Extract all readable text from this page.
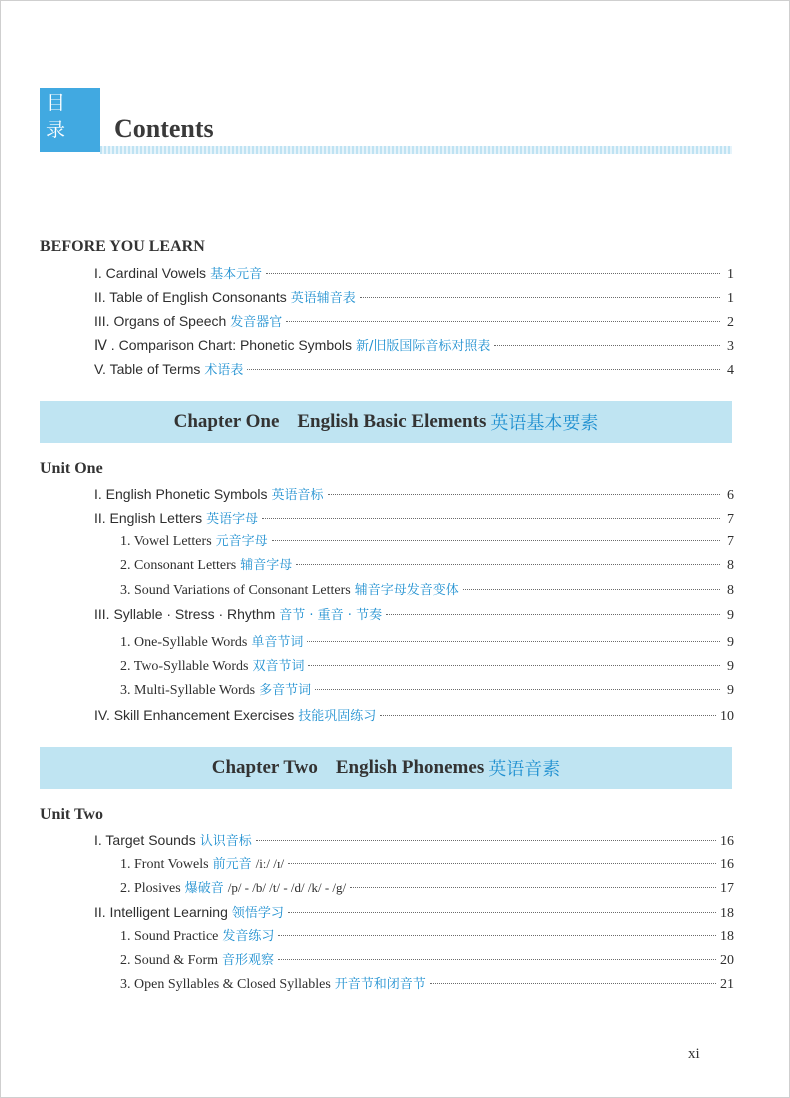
目 录	Contents
BEFORE YOU LEARN
I. Cardinal Vowels 基本元音	1
II. Table of English Consonants 英语辅音表	1
III. Organs of Speech 发音器官	2
Ⅳ . Comparison Chart: Phonetic Symbols 新/旧版国际音标对照表	3
V. Table of Terms 术语表	4
Chapter One English Basic Elements 英语基本要素
Unit One
I. English Phonetic Symbols 英语音标	6
II. English Letters 英语字母	7
1. Vowel Letters 元音字母	7
2. Consonant Letters 辅音字母	8
3. Sound Variations of Consonant Letters 辅音字母发音变体	8
III. Syllable · Stress · Rhythm 音节 · 重音 · 节奏	9
1. One-Syllable Words 单音节词	9
2. Two-Syllable Words 双音节词	9
3. Multi-Syllable Words 多音节词	9
IV. Skill Enhancement Exercises 技能巩固练习	10
Chapter Two English Phonemes 英语音素
Unit Two
I. Target Sounds 认识音标	16
1. Front Vowels 前元音 /iː/ /ɪ/	16
2. Plosives 爆破音 /p/ - /b/ /t/ - /d/ /k/ - /g/	17
II. Intelligent Learning 领悟学习	18
1. Sound Practice 发音练习	18
2. Sound & Form 音形观察	20
3. Open Syllables & Closed Syllables 开音节和闭音节	21
xi
